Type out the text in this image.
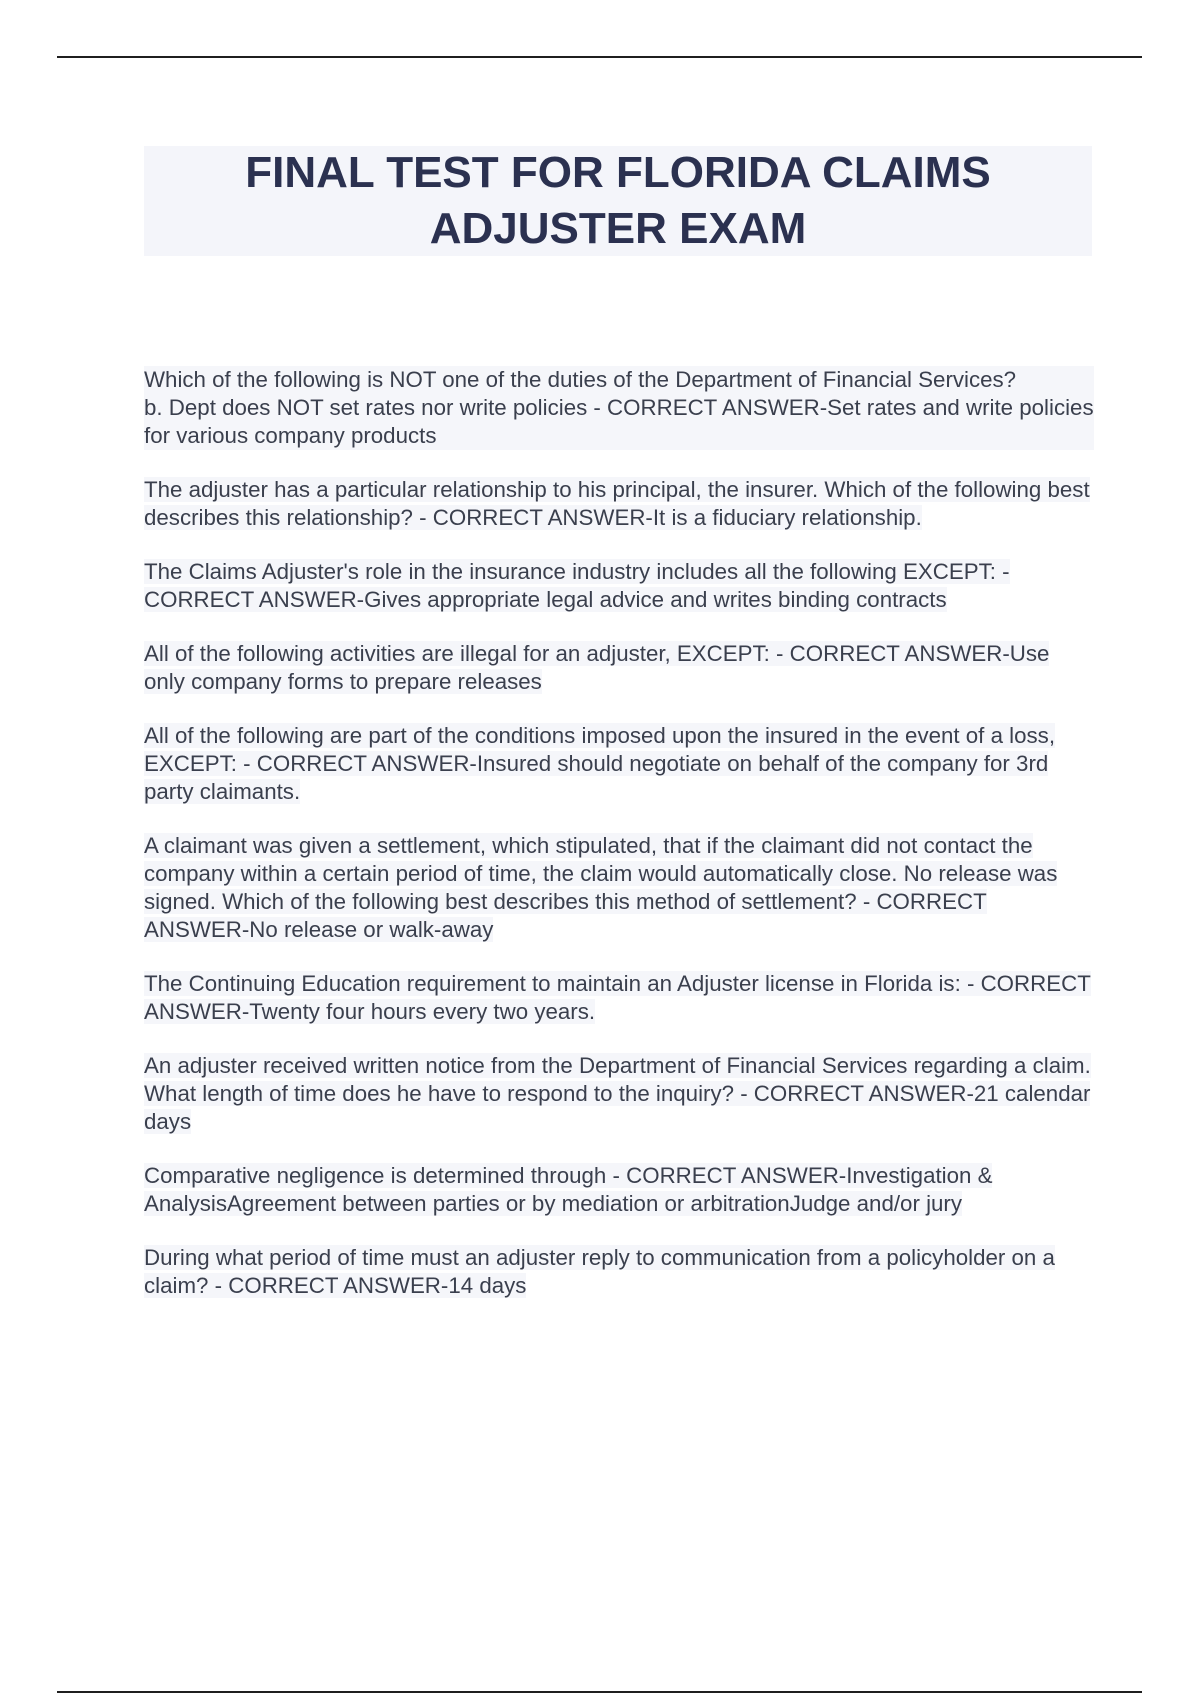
FINAL TEST FOR FLORIDA CLAIMS ADJUSTER EXAM

Which of the following is NOT one of the duties of the Department of Financial Services?
b. Dept does NOT set rates nor write policies - CORRECT ANSWER-Set rates and write policies for various company products

The adjuster has a particular relationship to his principal, the insurer. Which of the following best describes this relationship? - CORRECT ANSWER-It is a fiduciary relationship.

The Claims Adjuster's role in the insurance industry includes all the following EXCEPT: - CORRECT ANSWER-Gives appropriate legal advice and writes binding contracts

All of the following activities are illegal for an adjuster, EXCEPT: - CORRECT ANSWER-Use only company forms to prepare releases

All of the following are part of the conditions imposed upon the insured in the event of a loss, EXCEPT: - CORRECT ANSWER-Insured should negotiate on behalf of the company for 3rd party claimants.

A claimant was given a settlement, which stipulated, that if the claimant did not contact the company within a certain period of time, the claim would automatically close. No release was signed. Which of the following best describes this method of settlement? - CORRECT ANSWER-No release or walk-away

The Continuing Education requirement to maintain an Adjuster license in Florida is: - CORRECT ANSWER-Twenty four hours every two years.

An adjuster received written notice from the Department of Financial Services regarding a claim. What length of time does he have to respond to the inquiry? - CORRECT ANSWER-21 calendar days

Comparative negligence is determined through - CORRECT ANSWER-Investigation & AnalysisAgreement between parties or by mediation or arbitrationJudge and/or jury

During what period of time must an adjuster reply to communication from a policyholder on a claim? - CORRECT ANSWER-14 days
